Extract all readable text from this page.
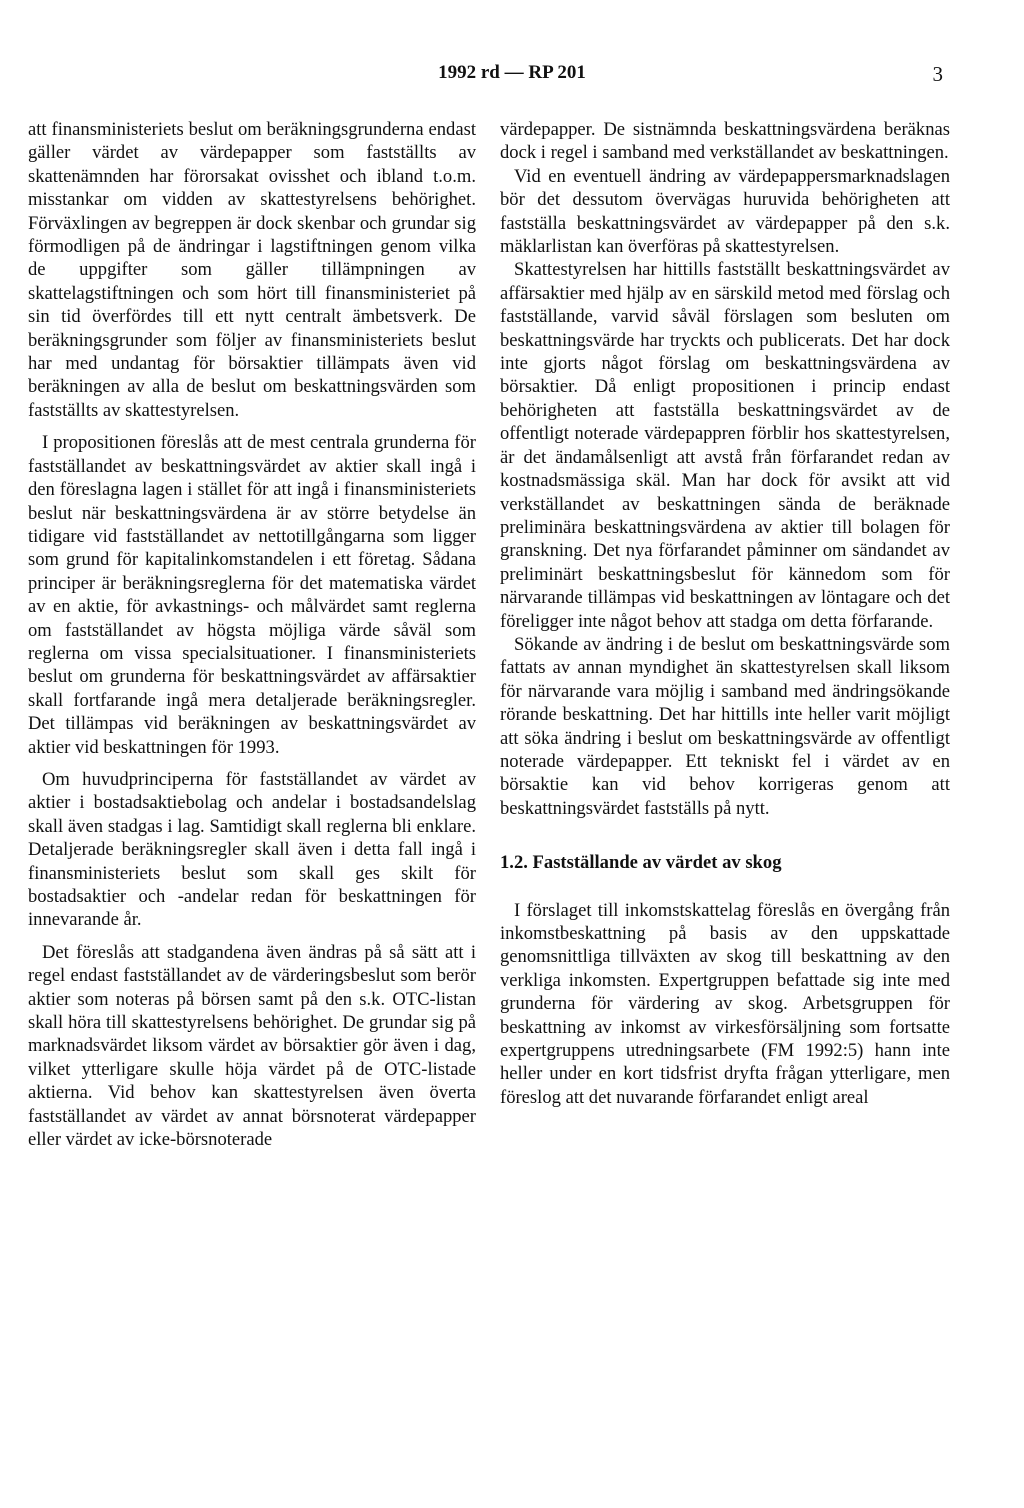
1992 rd — RP 201	3

att finansministeriets beslut om beräkningsgrunderna endast gäller värdet av värdepapper som fastställts av skattenämnden har förorsakat ovisshet och ibland t.o.m. misstankar om vidden av skattestyrelsens behörighet. Förväxlingen av begreppen är dock skenbar och grundar sig förmodligen på de ändringar i lagstiftningen genom vilka de uppgifter som gäller tillämpningen av skattelagstiftningen och som hört till finansministeriet på sin tid överfördes till ett nytt centralt ämbetsverk. De beräkningsgrunder som följer av finansministeriets beslut har med undantag för börsaktier tillämpats även vid beräkningen av alla de beslut om beskattningsvärden som fastställts av skattestyrelsen.

I propositionen föreslås att de mest centrala grunderna för fastställandet av beskattningsvärdet av aktier skall ingå i den föreslagna lagen i stället för att ingå i finansministeriets beslut när beskattningsvärdena är av större betydelse än tidigare vid fastställandet av nettotillgångarna som ligger som grund för kapitalinkomstandelen i ett företag. Sådana principer är beräkningsreglerna för det matematiska värdet av en aktie, för avkastnings- och målvärdet samt reglerna om fastställandet av högsta möjliga värde såväl som reglerna om vissa specialsituationer. I finansministeriets beslut om grunderna för beskattningsvärdet av affärsaktier skall fortfarande ingå mera detaljerade beräkningsregler. Det tillämpas vid beräkningen av beskattningsvärdet av aktier vid beskattningen för 1993.

Om huvudprinciperna för fastställandet av värdet av aktier i bostadsaktiebolag och andelar i bostadsandelslag skall även stadgas i lag. Samtidigt skall reglerna bli enklare. Detaljerade beräkningsregler skall även i detta fall ingå i finansministeriets beslut som skall ges skilt för bostadsaktier och -andelar redan för beskattningen för innevarande år.

Det föreslås att stadgandena även ändras på så sätt att i regel endast fastställandet av de värderingsbeslut som berör aktier som noteras på börsen samt på den s.k. OTC-listan skall höra till skattestyrelsens behörighet. De grundar sig på marknadsvärdet liksom värdet av börsaktier gör även i dag, vilket ytterligare skulle höja värdet på de OTC-listade aktierna. Vid behov kan skattestyrelsen även överta fastställandet av värdet av annat börsnoterat värdepapper eller värdet av icke-börsnoterade

värdepapper. De sistnämnda beskattningsvärdena beräknas dock i regel i samband med verkställandet av beskattningen.

Vid en eventuell ändring av värdepappersmarknadslagen bör det dessutom övervägas huruvida behörigheten att fastställa beskattningsvärdet av värdepapper på den s.k. mäklarlistan kan överföras på skattestyrelsen.

Skattestyrelsen har hittills fastställt beskattningsvärdet av affärsaktier med hjälp av en särskild metod med förslag och fastställande, varvid såväl förslagen som besluten om beskattningsvärde har tryckts och publicerats. Det har dock inte gjorts något förslag om beskattningsvärdena av börsaktier. Då enligt propositionen i princip endast behörigheten att fastställa beskattningsvärdet av de offentligt noterade värdepappren förblir hos skattestyrelsen, är det ändamålsenligt att avstå från förfarandet redan av kostnadsmässiga skäl. Man har dock för avsikt att vid verkställandet av beskattningen sända de beräknade preliminära beskattningsvärdena av aktier till bolagen för granskning. Det nya förfarandet påminner om sändandet av preliminärt beskattningsbeslut för kännedom som för närvarande tillämpas vid beskattningen av löntagare och det föreligger inte något behov att stadga om detta förfarande.

Sökande av ändring i de beslut om beskattningsvärde som fattats av annan myndighet än skattestyrelsen skall liksom för närvarande vara möjlig i samband med ändringsökande rörande beskattning. Det har hittills inte heller varit möjligt att söka ändring i beslut om beskattningsvärde av offentligt noterade värdepapper. Ett tekniskt fel i värdet av en börsaktie kan vid behov korrigeras genom att beskattningsvärdet fastställs på nytt.

1.2. Fastställande av värdet av skog

I förslaget till inkomstskattelag föreslås en övergång från inkomstbeskattning på basis av den uppskattade genomsnittliga tillväxten av skog till beskattning av den verkliga inkomsten. Expertgruppen befattade sig inte med grunderna för värdering av skog. Arbetsgruppen för beskattning av inkomst av virkesförsäljning som fortsatte expertgruppens utredningsarbete (FM 1992:5) hann inte heller under en kort tidsfrist dryfta frågan ytterligare, men föreslog att det nuvarande förfarandet enligt areal
